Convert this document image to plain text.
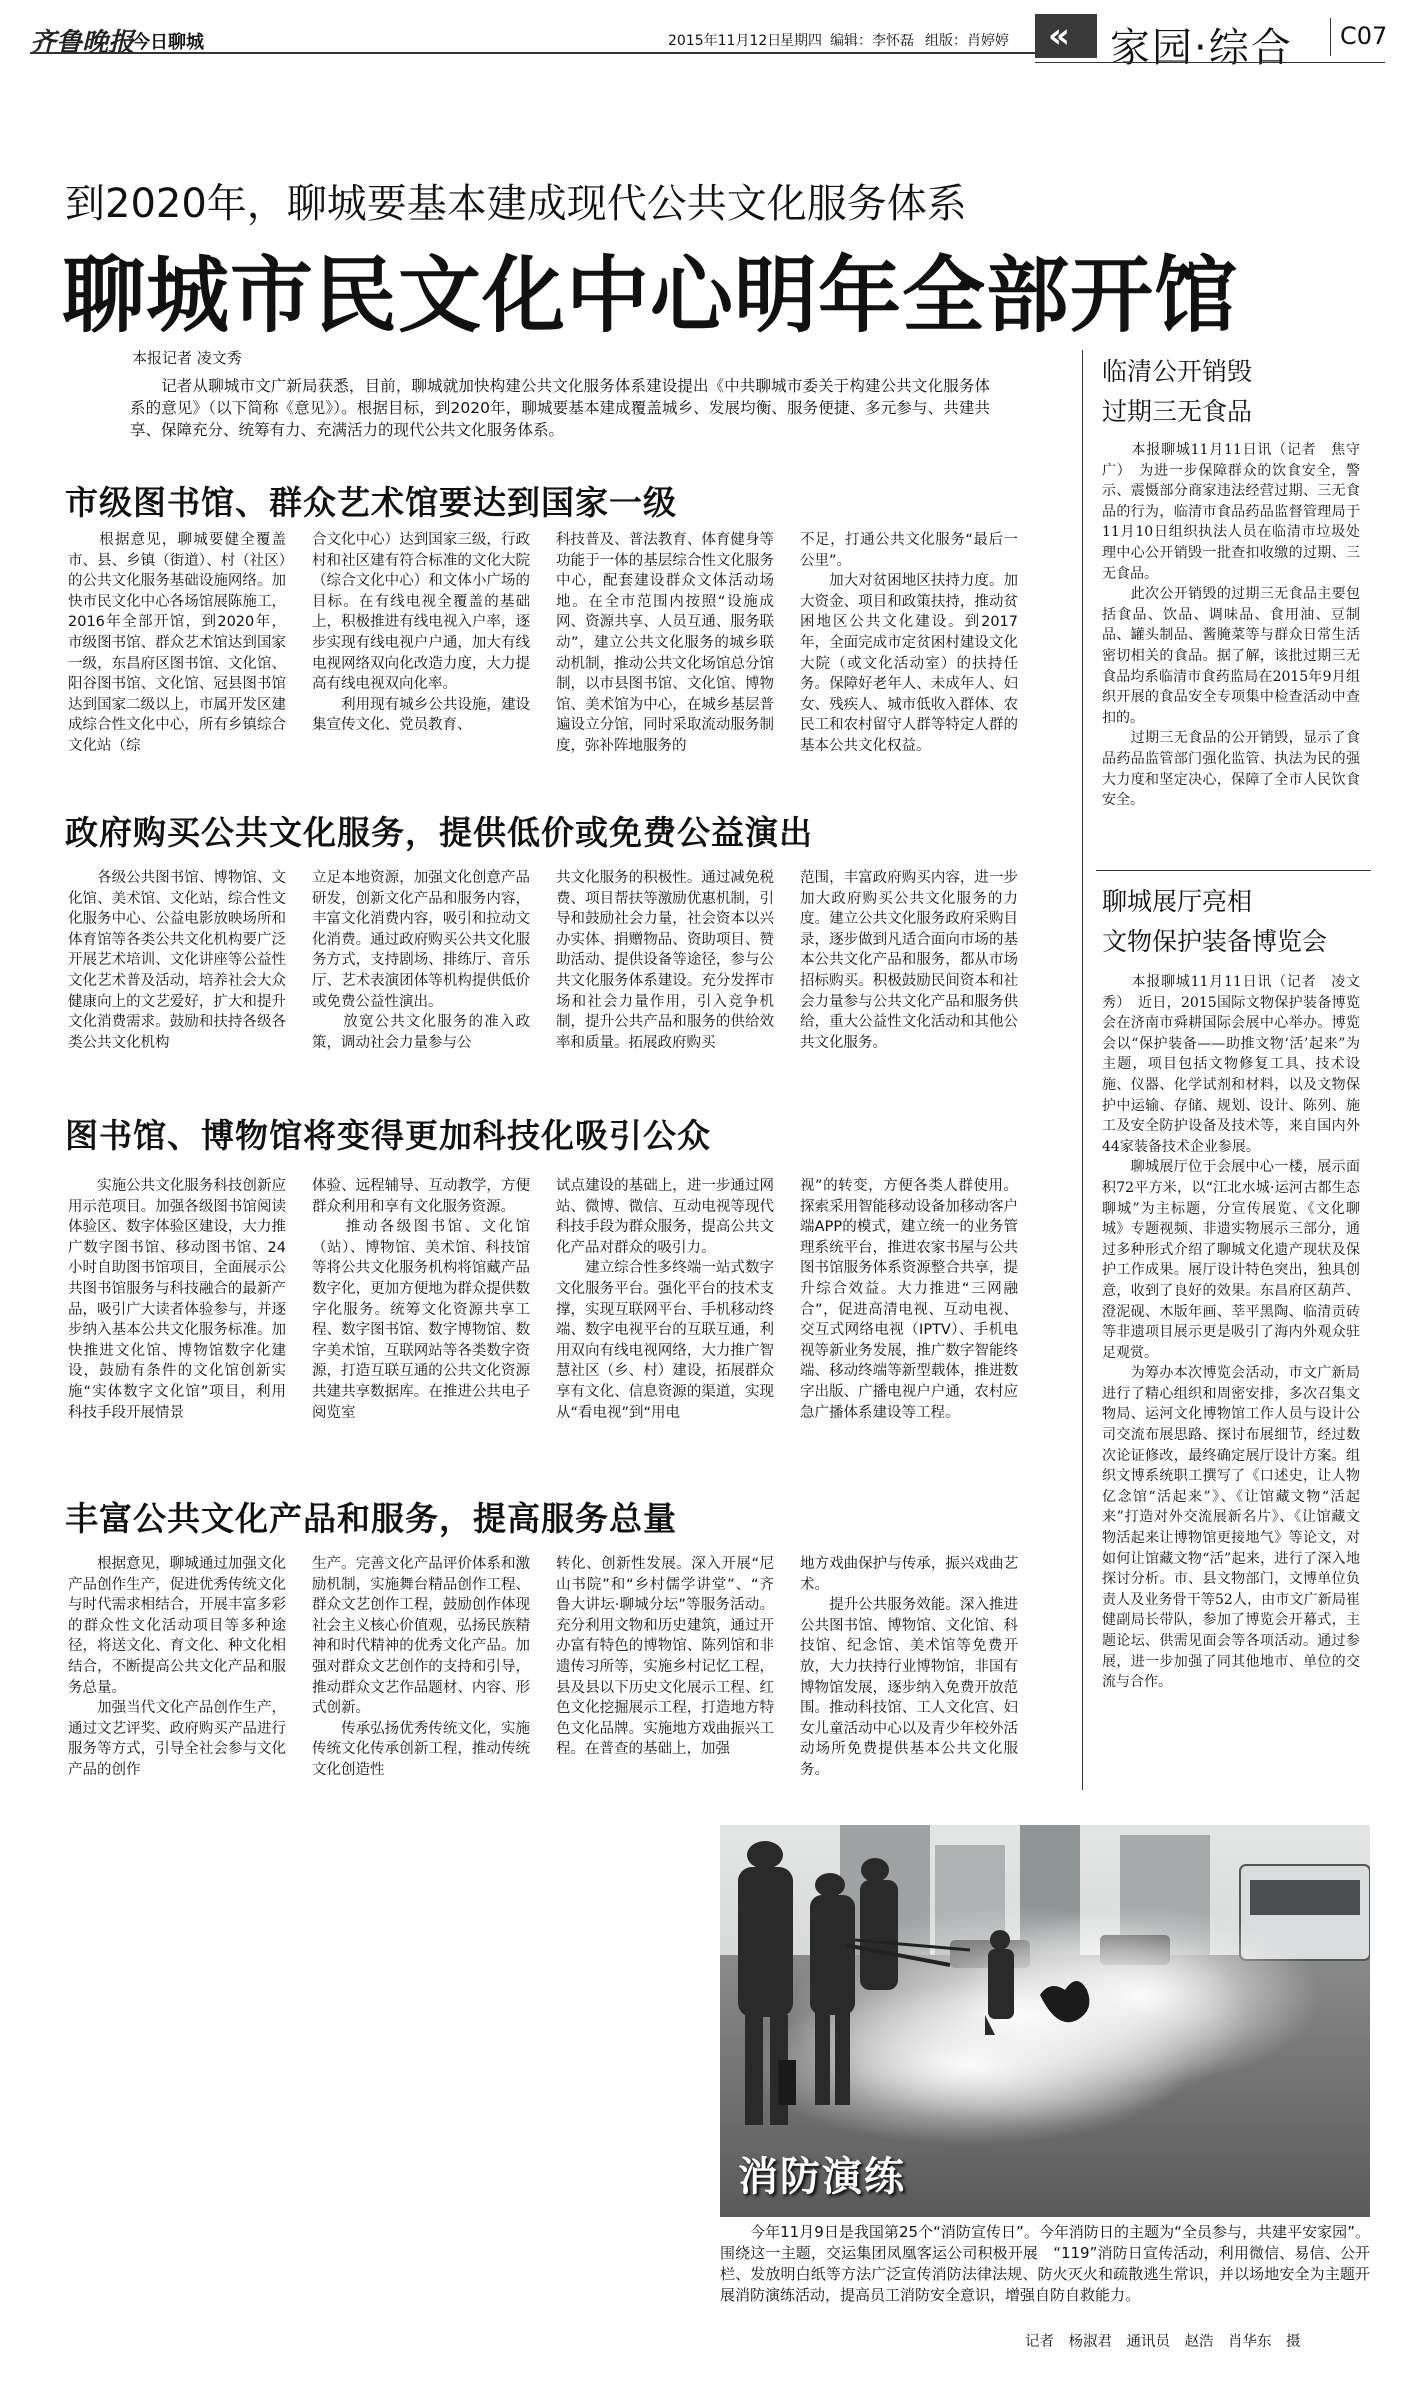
齐鲁晚报
今日聊城	2015年11月12日
星期四 编辑：李怀磊 组版：肖婷婷 « 家园·综合 C07
到2020年，聊城要基本建成现代公共文化服务体系
聊城市民文化中心明年全部开馆
本报记者 凌文秀
　　记者从聊城市文广新局获悉，目前，聊城就加快构建公共文化服务体系建设提出《中共聊城市委关于构建公共文化服务体系的意见》（以下简称《意见》）。根据目标，到2020年，聊城要基本建成覆盖城乡、发展均衡、服务便捷、多元参与、共建共享、保障充分、统筹有力、充满活力的现代公共文化服务体系。
市级图书馆、群众艺术馆要达到国家一级
　　根据意见，聊城要健全覆盖市、县、乡镇（街道）、村（社区）的公共文化服务基础设施网络。加快市民文化中心各场馆展陈施工，2016年全部开馆，到2020年，市级图书馆、群众艺术馆达到国家一级，东昌府区图书馆、文化馆、阳谷图书馆、文化馆、冠县图书馆达到国家二级以上，市属开发区建成综合性文化中心，所有乡镇综合文化站（综
合文化中心）达到国家三级，行政村和社区建有符合标准的文化大院（综合文化中心）和文体小广场的目标。在有线电视全覆盖的基础上，积极推进有线电视入户率，逐步实现有线电视户户通，加大有线电视网络双向化改造力度，大力提高有线电视双向化率。
　　利用现有城乡公共设施，建设集宣传文化、党员教育、
科技普及、普法教育、体育健身等功能于一体的基层综合性文化服务中心，配套建设群众文体活动场地。在全市范围内按照“设施成网、资源共享、人员互通、服务联动”，建立公共文化服务的城乡联动机制，推动公共文化场馆总分馆制，以市县图书馆、文化馆、博物馆、美术馆为中心，在城乡基层普遍设立分馆，同时采取流动服务制度，弥补阵地服务的
不足，打通公共文化服务“最后一公里”。
　　加大对贫困地区扶持力度。加大资金、项目和政策扶持，推动贫困地区公共文化建设。到2017年，全面完成市定贫困村建设文化大院（或文化活动室）的扶持任务。保障好老年人、未成年人、妇女、残疾人、城市低收入群体、农民工和农村留守人群等特定人群的基本公共文化权益。
政府购买公共文化服务，提供低价或免费公益演出
　　各级公共图书馆、博物馆、文化馆、美术馆、文化站，综合性文化服务中心、公益电影放映场所和体育馆等各类公共文化机构要广泛开展艺术培训、文化讲座等公益性文化艺术普及活动，培养社会大众健康向上的文艺爱好，扩大和提升文化消费需求。鼓励和扶持各级各类公共文化机构
立足本地资源，加强文化创意产品研发，创新文化产品和服务内容，丰富文化消费内容，吸引和拉动文化消费。通过政府购买公共文化服务方式，支持剧场、排练厅、音乐厅、艺术表演团体等机构提供低价或免费公益性演出。
　　放宽公共文化服务的准入政策，调动社会力量参与公
共文化服务的积极性。通过减免税费、项目帮扶等激励优惠机制，引导和鼓励社会力量，社会资本以兴办实体、捐赠物品、资助项目、赞助活动、提供设备等途径，参与公共文化服务体系建设。充分发挥市场和社会力量作用，引入竞争机制，提升公共产品和服务的供给效率和质量。拓展政府购买
范围，丰富政府购买内容，进一步加大政府购买公共文化服务的力度。建立公共文化服务政府采购目录，逐步做到凡适合面向市场的基本公共文化产品和服务，都从市场招标购买。积极鼓励民间资本和社会力量参与公共文化产品和服务供给，重大公益性文化活动和其他公共文化服务。
图书馆、博物馆将变得更加科技化吸引公众
　　实施公共文化服务科技创新应用示范项目。加强各级图书馆阅读体验区、数字体验区建设，大力推广数字图书馆、移动图书馆、24小时自助图书馆项目，全面展示公共图书馆服务与科技融合的最新产品，吸引广大读者体验参与，并逐步纳入基本公共文化服务标准。加快推进文化馆、博物馆数字化建设，鼓励有条件的文化馆创新实施“实体数字文化馆”项目，利用科技手段开展情景
体验、远程辅导、互动教学，方便群众利用和享有文化服务资源。
　　推动各级图书馆、文化馆（站）、博物馆、美术馆、科技馆等将公共文化服务机构将馆藏产品数字化，更加方便地为群众提供数字化服务。统筹文化资源共享工程、数字图书馆、数字博物馆、数字美术馆，互联网站等各类数字资源，打造互联互通的公共文化资源共建共享数据库。在推进公共电子阅览室
试点建设的基础上，进一步通过网站、微博、微信、互动电视等现代科技手段为群众服务，提高公共文化产品对群众的吸引力。
　　建立综合性多终端一站式数字文化服务平台。强化平台的技术支撑，实现互联网平台、手机移动终端、数字电视平台的互联互通，利用双向有线电视网络，大力推广智慧社区（乡、村）建设，拓展群众享有文化、信息资源的渠道，实现从“看电视”到“用电
视”的转变，方便各类人群使用。探索采用智能移动设备加移动客户端APP的模式，建立统一的业务管理系统平台，推进农家书屋与公共图书馆服务体系资源整合共享，提升综合效益。大力推进“三网融合”，促进高清电视、互动电视、交互式网络电视（IPTV）、手机电视等新业务发展，推广数字智能终端、移动终端等新型载体，推进数字出版、广播电视户户通，农村应急广播体系建设等工程。
丰富公共文化产品和服务，提高服务总量
　　根据意见，聊城通过加强文化产品创作生产，促进优秀传统文化与时代需求相结合，开展丰富多彩的群众性文化活动项目等多种途径，将送文化、育文化、种文化相结合，不断提高公共文化产品和服务总量。
　　加强当代文化产品创作生产，通过文艺评奖、政府购买产品进行服务等方式，引导全社会参与文化产品的创作
生产。完善文化产品评价体系和激励机制，实施舞台精品创作工程、群众文艺创作工程，鼓励创作体现社会主义核心价值观，弘扬民族精神和时代精神的优秀文化产品。加强对群众文艺创作的支持和引导，推动群众文艺作品题材、内容、形式创新。
　　传承弘扬优秀传统文化，实施传统文化传承创新工程，推动传统文化创造性
转化、创新性发展。深入开展“尼山书院”和“乡村儒学讲堂”、“齐鲁大讲坛·聊城分坛”等服务活动。充分利用文物和历史建筑，通过开办富有特色的博物馆、陈列馆和非遗传习所等，实施乡村记忆工程，县及县以下历史文化展示工程、红色文化挖掘展示工程，打造地方特色文化品牌。实施地方戏曲振兴工程。在普查的基础上，加强
地方戏曲保护与传承，振兴戏曲艺术。
　　提升公共服务效能。深入推进公共图书馆、博物馆、文化馆、科技馆、纪念馆、美术馆等免费开放，大力扶持行业博物馆，非国有博物馆发展，逐步纳入免费开放范围。推动科技馆、工人文化宫、妇女儿童活动中心以及青少年校外活动场所免费提供基本公共文化服务。
临清公开销毁
过期三无食品
　　本报聊城11月11日讯（记者　焦守广）　为进一步保障群众的饮食安全，警示、震慑部分商家违法经营过期、三无食品的行为，临清市食品药品监督管理局于11月10日组织执法人员在临清市垃圾处理中心公开销毁一批查扣收缴的过期、三无食品。
　　此次公开销毁的过期三无食品主要包括食品、饮品、调味品、食用油、豆制品、罐头制品、酱腌菜等与群众日常生活密切相关的食品。据了解，该批过期三无食品均系临清市食药监局在2015年9月组织开展的食品安全专项集中检查活动中查扣的。
　　过期三无食品的公开销毁，显示了食品药品监管部门强化监管、执法为民的强大力度和坚定决心，保障了全市人民饮食安全。
聊城展厅亮相
文物保护装备博览会
　　本报聊城11月11日讯（记者　凌文秀）　近日，2015国际文物保护装备博览会在济南市舜耕国际会展中心举办。博览会以“保护装备——助推文物‘活’起来”为主题，项目包括文物修复工具、技术设施、仪器、化学试剂和材料，以及文物保护中运输、存储、规划、设计、陈列、施工及安全防护设备及技术等，来自国内外44家装备技术企业参展。
　　聊城展厅位于会展中心一楼，展示面积72平方米，以“江北水城·运河古都生态聊城”为主标题，分宣传展览、《文化聊城》专题视频、非遗实物展示三部分，通过多种形式介绍了聊城文化遗产现状及保护工作成果。展厅设计特色突出，独具创意，收到了良好的效果。东昌府区葫芦、澄泥砚、木版年画、莘平黑陶、临清贡砖等非遗项目展示更是吸引了海内外观众驻足观赏。
　　为筹办本次博览会活动，市文广新局进行了精心组织和周密安排，多次召集文物局、运河文化博物馆工作人员与设计公司交流布展思路、探讨布展细节，经过数次论证修改，最终确定展厅设计方案。组织文博系统职工撰写了《口述史，让人物亿念馆“活起来”》、《让馆藏文物“活起来”打造对外交流展新名片》、《让馆藏文物活起来让博物馆更接地气》等论文，对如何让馆藏文物“活”起来，进行了深入地探讨分析。市、县文物部门，文博单位负责人及业务骨干等52人，由市文广新局崔健副局长带队，参加了博览会开幕式，主题论坛、供需见面会等各项活动。通过参展，进一步加强了同其他地市、单位的交流与合作。
消防演练
　　今年11月9日是我国第25个“消防宣传日”。今年消防日的主题为“全员参与，共建平安家园”。围绕这一主题，交运集团凤凰客运公司积极开展　“119”消防日宣传活动，利用微信、易信、公开栏、发放明白纸等方法广泛宣传消防法律法规、防火灭火和疏散逃生常识，并以场地安全为主题开展消防演练活动，提高员工消防安全意识，增强自防自救能力。
记者　杨淑君　通讯员　赵浩　肖华东　摄
